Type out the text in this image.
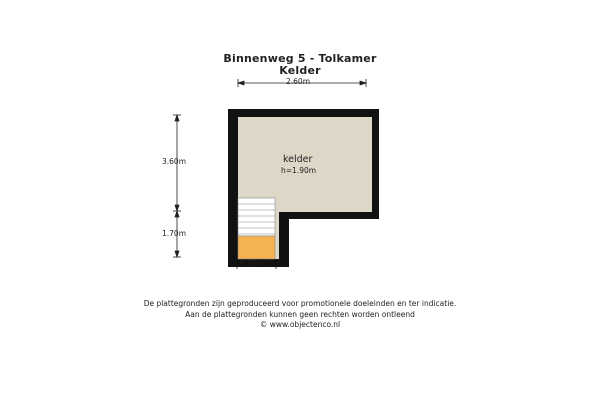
Binnenweg 5 - Tolkamer
Kelder
2.60m
3.60m
1.70m
0.75m
kelder
h=1.90m
De plattegronden zijn geproduceerd voor promotionele doeleinden en ter indicatie.
Aan de plattegronden kunnen geen rechten worden ontleend
© www.objectenco.nl
